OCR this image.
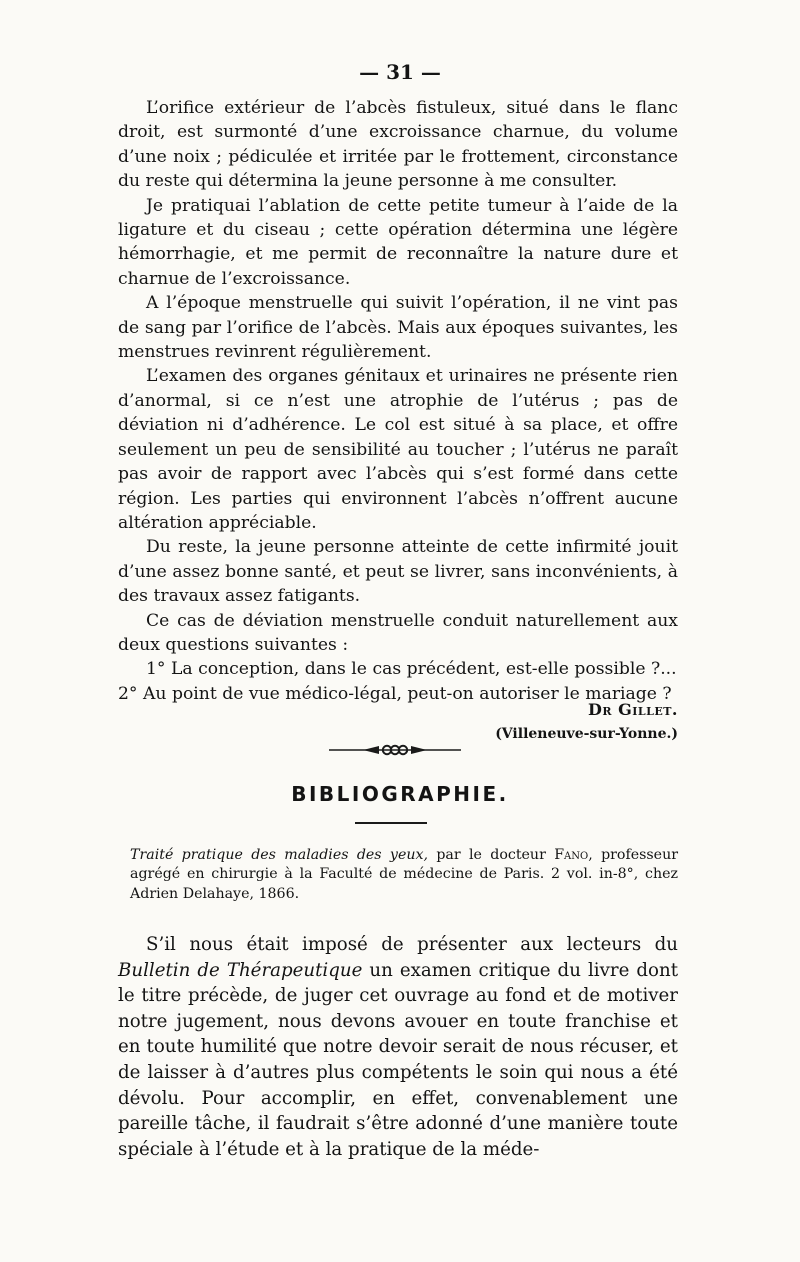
— 31 —

L’orifice extérieur de l’abcès fistuleux, situé dans le flanc droit, est surmonté d’une excroissance charnue, du volume d’une noix ; pédiculée et irritée par le frottement, circonstance du reste qui détermina la jeune personne à me consulter.

Je pratiquai l’ablation de cette petite tumeur à l’aide de la ligature et du ciseau ; cette opération détermina une légère hémorrhagie, et me permit de reconnaître la nature dure et charnue de l’excroissance.

A l’époque menstruelle qui suivit l’opération, il ne vint pas de sang par l’orifice de l’abcès. Mais aux époques suivantes, les menstrues revinrent régulièrement.

L’examen des organes génitaux et urinaires ne présente rien d’anormal, si ce n’est une atrophie de l’utérus ; pas de déviation ni d’adhérence. Le col est situé à sa place, et offre seulement un peu de sensibilité au toucher ; l’utérus ne paraît pas avoir de rapport avec l’abcès qui s’est formé dans cette région. Les parties qui environnent l’abcès n’offrent aucune altération appréciable.

Du reste, la jeune personne atteinte de cette infirmité jouit d’une assez bonne santé, et peut se livrer, sans inconvénients, à des travaux assez fatigants.

Ce cas de déviation menstruelle conduit naturellement aux deux questions suivantes :

1° La conception, dans le cas précédent, est-elle possible ?...
2° Au point de vue médico-légal, peut-on autoriser le mariage ?
Dr Gillet.
(Villeneuve-sur-Yonne.)
BIBLIOGRAPHIE.

Traité pratique des maladies des yeux, par le docteur Fano, professeur agrégé en chirurgie à la Faculté de médecine de Paris. 2 vol. in-8°, chez Adrien Delahaye, 1866.

S’il nous était imposé de présenter aux lecteurs du Bulletin de Thérapeutique un examen critique du livre dont le titre précède, de juger cet ouvrage au fond et de motiver notre jugement, nous devons avouer en toute franchise et en toute humilité que notre devoir serait de nous récuser, et de laisser à d’autres plus compétents le soin qui nous a été dévolu. Pour accomplir, en effet, convenablement une pareille tâche, il faudrait s’être adonné d’une manière toute spéciale à l’étude et à la pratique de la méde-
